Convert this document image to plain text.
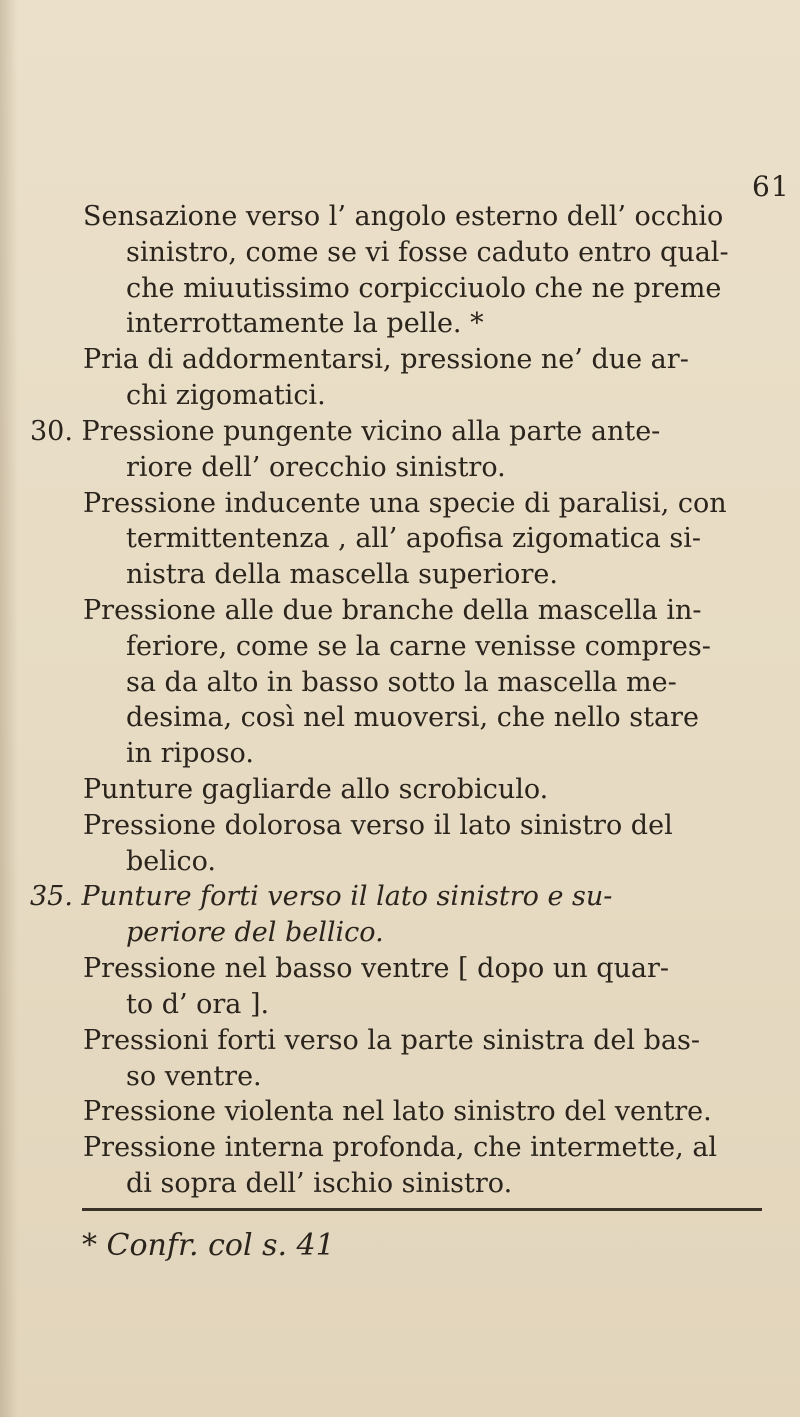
61
* Confr. col s. 41
Sensazione verso l’ angolo esterno dell’ occhio
sinistro, come se vi fosse caduto entro qual-
che miuutissimo corpicciuolo che ne preme
interrottamente la pelle. *
Pria di addormentarsi, pressione ne’ due ar-
chi zigomatici.
30. Pressione pungente vicino alla parte ante-
riore dell’ orecchio sinistro.
Pressione inducente una specie di paralisi, con
termittentenza , all’ apofisa zigomatica si-
nistra della mascella superiore.
Pressione alle due branche della mascella in-
feriore, come se la carne venisse compres-
sa da alto in basso sotto la mascella me-
desima, così nel muoversi, che nello stare
in riposo.
Punture gagliarde allo scrobiculo.
Pressione dolorosa verso il lato sinistro del
belico.
35. Punture forti verso il lato sinistro e su-
periore del bellico.
Pressione nel basso ventre [ dopo un quar-
to d’ ora ].
Pressioni forti verso la parte sinistra del bas-
so ventre.
Pressione violenta nel lato sinistro del ventre.
Pressione interna profonda, che intermette, al
di sopra dell’ ischio sinistro.
